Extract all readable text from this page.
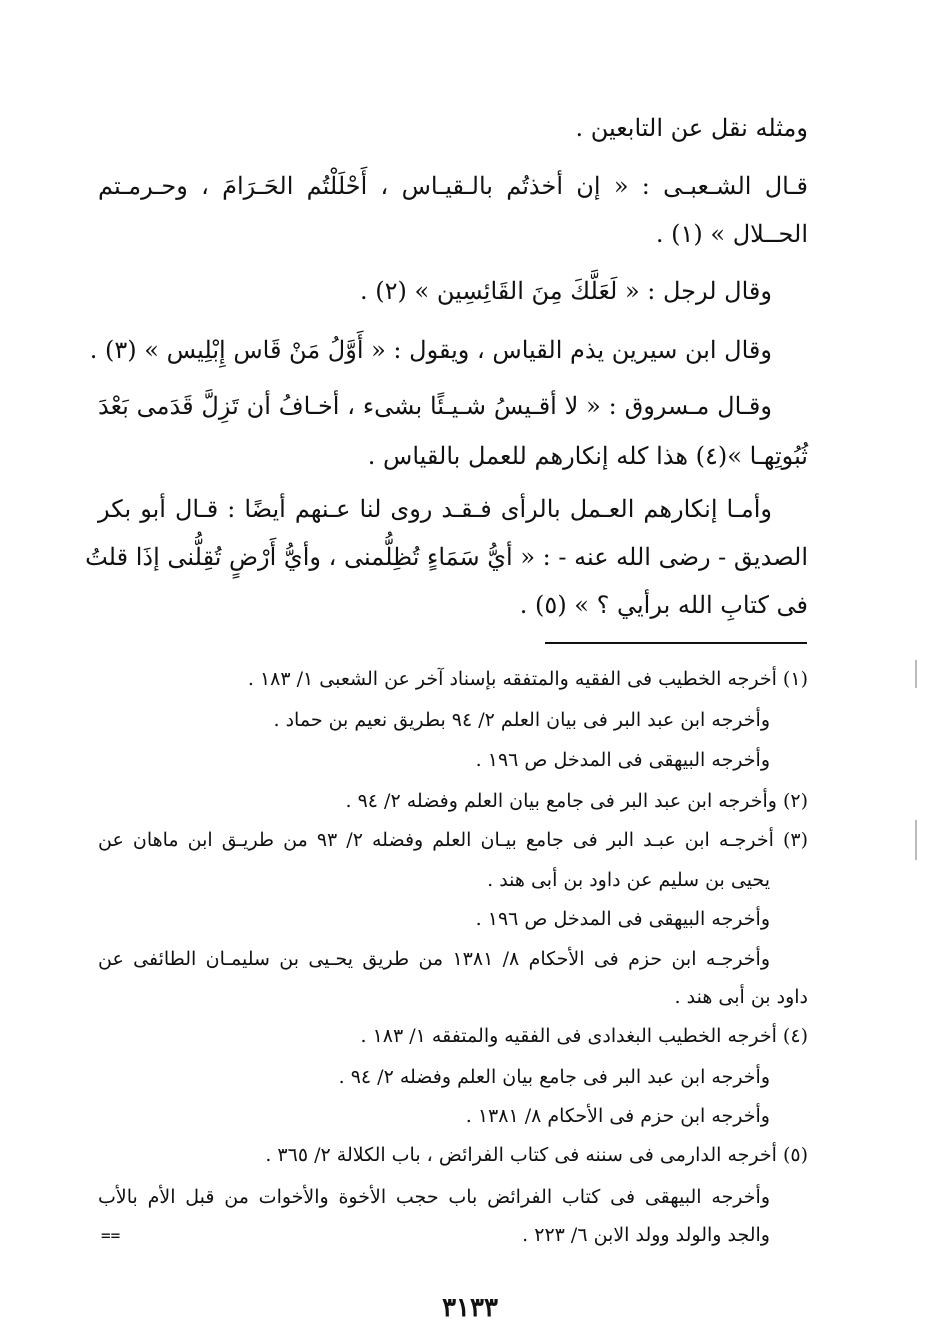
ومثله نقل عن التابعين .
قـال الشـعبـى : « إن أخذتُم بالـقيـاس ، أَحْلَلْتُم الحَـرَامَ ، وحـرمـتم
الحــلال » (١) .
وقال لرجل : « لَعَلَّكَ مِنَ القَائِسِين » (٢) .
وقال ابن سيرين يذم القياس ، ويقول : « أَوَّلُ مَنْ قَاس إِبْلِيس » (٣) .
وقـال مـسروق : « لا أقـيسُ شـيـئًا بشىء ، أخـافُ أن تَزِلَّ قَدَمى بَعْدَ
ثُبُوتِهـا »(٤) هذا كله إنكارهم للعمل بالقياس .
وأمـا إنكارهم العـمل بالرأى فـقـد روى لنا عـنهم أيضًا : قـال أبو بكر
الصديق - رضى الله عنه - : « أيُّ سَمَاءٍ تُظِلُّمنى ، وأيُّ أَرْضٍ تُقِلُّنى إذَا قلتُ
فى كتابِ الله برأيي ؟ » (٥) .
(١) أخرجه الخطيب فى الفقيه والمتفقه بإسناد آخر عن الشعبى ١/ ١٨٣ .
وأخرجه ابن عبد البر فى بيان العلم ٢/ ٩٤ بطريق نعيم بن حماد .
وأخرجه البيهقى فى المدخل ص ١٩٦ .
(٢) وأخرجه ابن عبد البر فى جامع بيان العلم وفضله ٢/ ٩٤ .
(٣) أخرجـه ابن عبـد البر فى جامع بيـان العلم وفضله ٢/ ٩٣ من طريـق ابن ماهان عن
يحيى بن سليم عن داود بن أبى هند .
وأخرجه البيهقى فى المدخل ص ١٩٦ .
وأخرجـه ابن حزم فى الأحكام ٨/ ١٣٨١ من طريق يحـيى بن سليمـان الطائفى عن
داود بن أبى هند .
(٤) أخرجه الخطيب البغدادى فى الفقيه والمتفقه ١/ ١٨٣ .
وأخرجه ابن عبد البر فى جامع بيان العلم وفضله ٢/ ٩٤ .
وأخرجه ابن حزم فى الأحكام ٨/ ١٣٨١ .
(٥) أخرجه الدارمى فى سننه فى كتاب الفرائض ، باب الكلالة ٢/ ٣٦٥ .
وأخرجه البيهقى فى كتاب الفرائض باب حجب الأخوة والأخوات من قبل الأم بالأب
والجد والولد وولد الابن ٦/ ٢٢٣ .
==
٣١٣٣
